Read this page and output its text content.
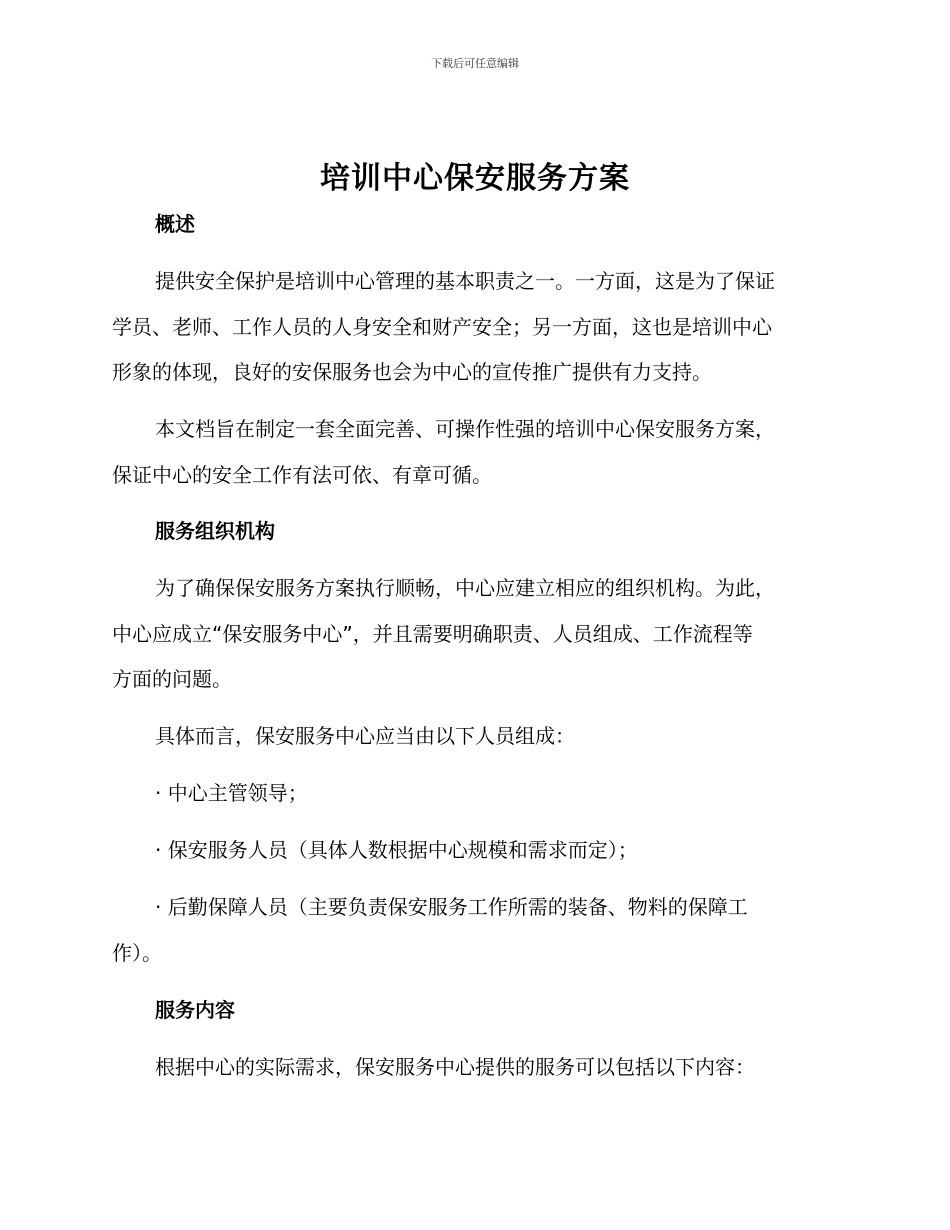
下载后可任意编辑
培训中心保安服务方案
概述
提供安全保护是培训中心管理的基本职责之一。一方面，这是为了保证
学员、老师、工作人员的人身安全和财产安全；另一方面，这也是培训中心
形象的体现，良好的安保服务也会为中心的宣传推广提供有力支持。
本文档旨在制定一套全面完善、可操作性强的培训中心保安服务方案，
保证中心的安全工作有法可依、有章可循。
服务组织机构
为了确保保安服务方案执行顺畅，中心应建立相应的组织机构。为此，
中心应成立“保安服务中心”，并且需要明确职责、人员组成、工作流程等
方面的问题。
具体而言，保安服务中心应当由以下人员组成：
· 中心主管领导；
· 保安服务人员（具体人数根据中心规模和需求而定）；
· 后勤保障人员（主要负责保安服务工作所需的装备、物料的保障工
作）。
服务内容
根据中心的实际需求，保安服务中心提供的服务可以包括以下内容：
